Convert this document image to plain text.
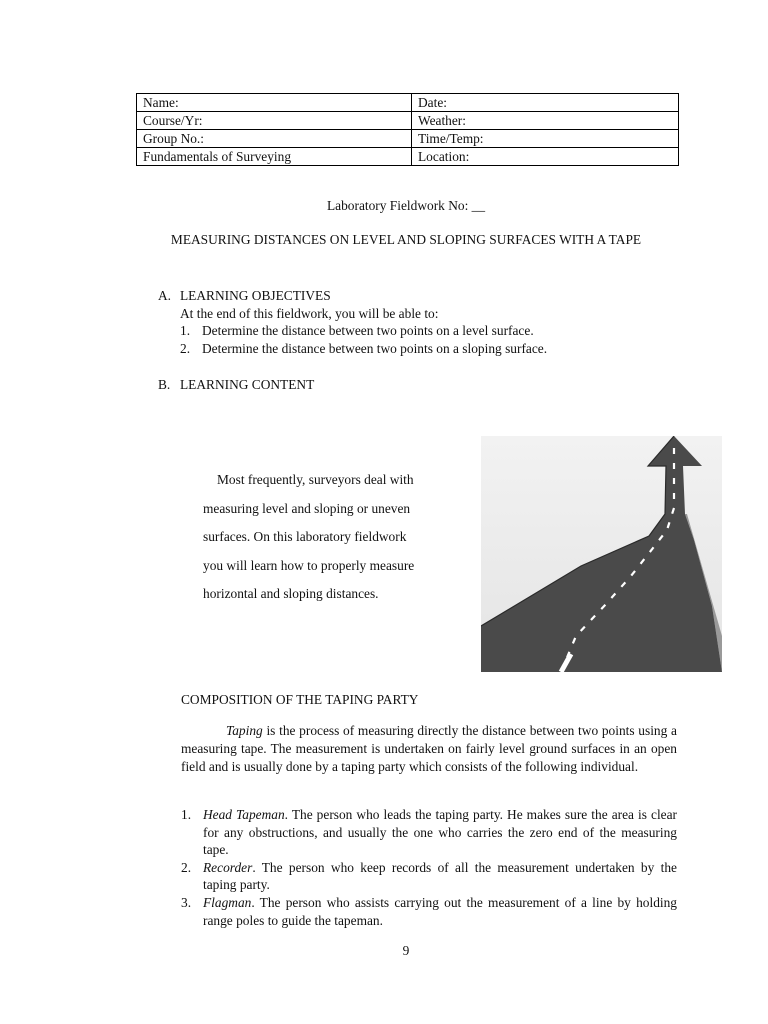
Name:	Date:
Course/Yr:	Weather:
Group No.:	Time/Temp:
Fundamentals of Surveying	Location:
Laboratory Fieldwork No: __
MEASURING DISTANCES ON LEVEL AND SLOPING SURFACES WITH A TAPE
A. LEARNING OBJECTIVES
At the end of this fieldwork, you will be able to:
1. Determine the distance between two points on a level surface.
2. Determine the distance between two points on a sloping surface.
B. LEARNING CONTENT

Most frequently, surveyors deal with

measuring level and sloping or uneven

surfaces. On this laboratory fieldwork

you will learn how to properly measure

horizontal and sloping distances.

COMPOSITION OF THE TAPING PARTY
Taping is the process of measuring directly the distance between two points using a measuring tape. The measurement is undertaken on fairly level ground surfaces in an open field and is usually done by a taping party which consists of the following individual.
1. Head Tapeman. The person who leads the taping party. He makes sure the area is clear for any obstructions, and usually the one who carries the zero end of the measuring tape.
2. Recorder. The person who keep records of all the measurement undertaken by the taping party.
3. Flagman. The person who assists carrying out the measurement of a line by holding range poles to guide the tapeman.
9
